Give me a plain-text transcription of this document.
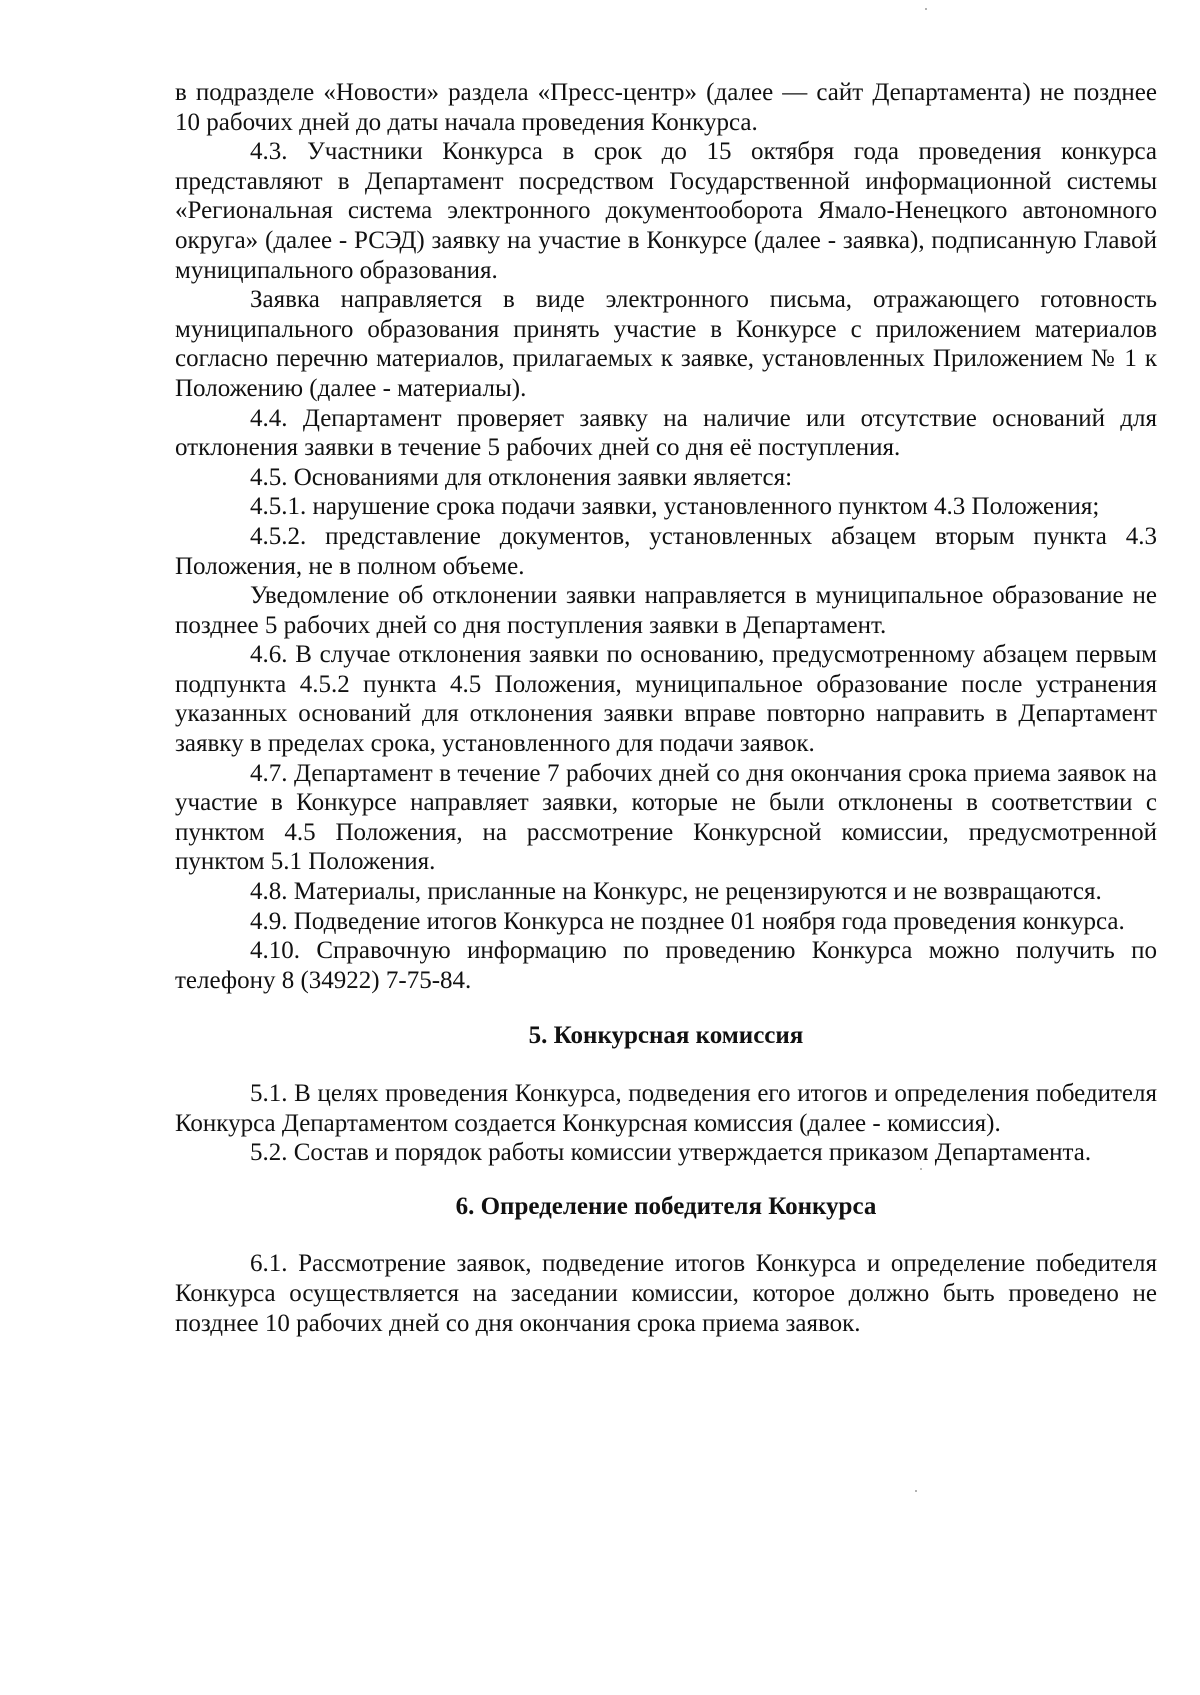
в подразделе «Новости» раздела «Пресс-центр» (далее — сайт Департамента) не позднее 10 рабочих дней до даты начала проведения Конкурса.

4.3. Участники Конкурса в срок до 15 октября года проведения конкурса представляют в Департамент посредством Государственной информационной системы «Региональная система электронного документооборота Ямало-Ненецкого автономного округа» (далее - РСЭД) заявку на участие в Конкурсе (далее - заявка), подписанную Главой муниципального образования.

Заявка направляется в виде электронного письма, отражающего готовность муниципального образования принять участие в Конкурсе с приложением материалов согласно перечню материалов, прилагаемых к заявке, установленных Приложением № 1 к Положению (далее - материалы).

4.4. Департамент проверяет заявку на наличие или отсутствие оснований для отклонения заявки в течение 5 рабочих дней со дня её поступления.

4.5. Основаниями для отклонения заявки является:

4.5.1. нарушение срока подачи заявки, установленного пунктом 4.3 Положения;

4.5.2. представление документов, установленных абзацем вторым пункта 4.3 Положения, не в полном объеме.

Уведомление об отклонении заявки направляется в муниципальное образование не позднее 5 рабочих дней со дня поступления заявки в Департамент.

4.6. В случае отклонения заявки по основанию, предусмотренному абзацем первым подпункта 4.5.2 пункта 4.5 Положения, муниципальное образование после устранения указанных оснований для отклонения заявки вправе повторно направить в Департамент заявку в пределах срока, установленного для подачи заявок.

4.7. Департамент в течение 7 рабочих дней со дня окончания срока приема заявок на участие в Конкурсе направляет заявки, которые не были отклонены в соответствии с пунктом 4.5 Положения, на рассмотрение Конкурсной комиссии, предусмотренной пунктом 5.1 Положения.

4.8. Материалы, присланные на Конкурс, не рецензируются и не возвращаются.

4.9. Подведение итогов Конкурса не позднее 01 ноября года проведения конкурса.

4.10. Справочную информацию по проведению Конкурса можно получить по телефону 8 (34922) 7-75-84.

5. Конкурсная комиссия

5.1. В целях проведения Конкурса, подведения его итогов и определения победителя Конкурса Департаментом создается Конкурсная комиссия (далее - комиссия).

5.2. Состав и порядок работы комиссии утверждается приказом Департамента.

6. Определение победителя Конкурса

6.1. Рассмотрение заявок, подведение итогов Конкурса и определение победителя Конкурса осуществляется на заседании комиссии, которое должно быть проведено не позднее 10 рабочих дней со дня окончания срока приема заявок.
